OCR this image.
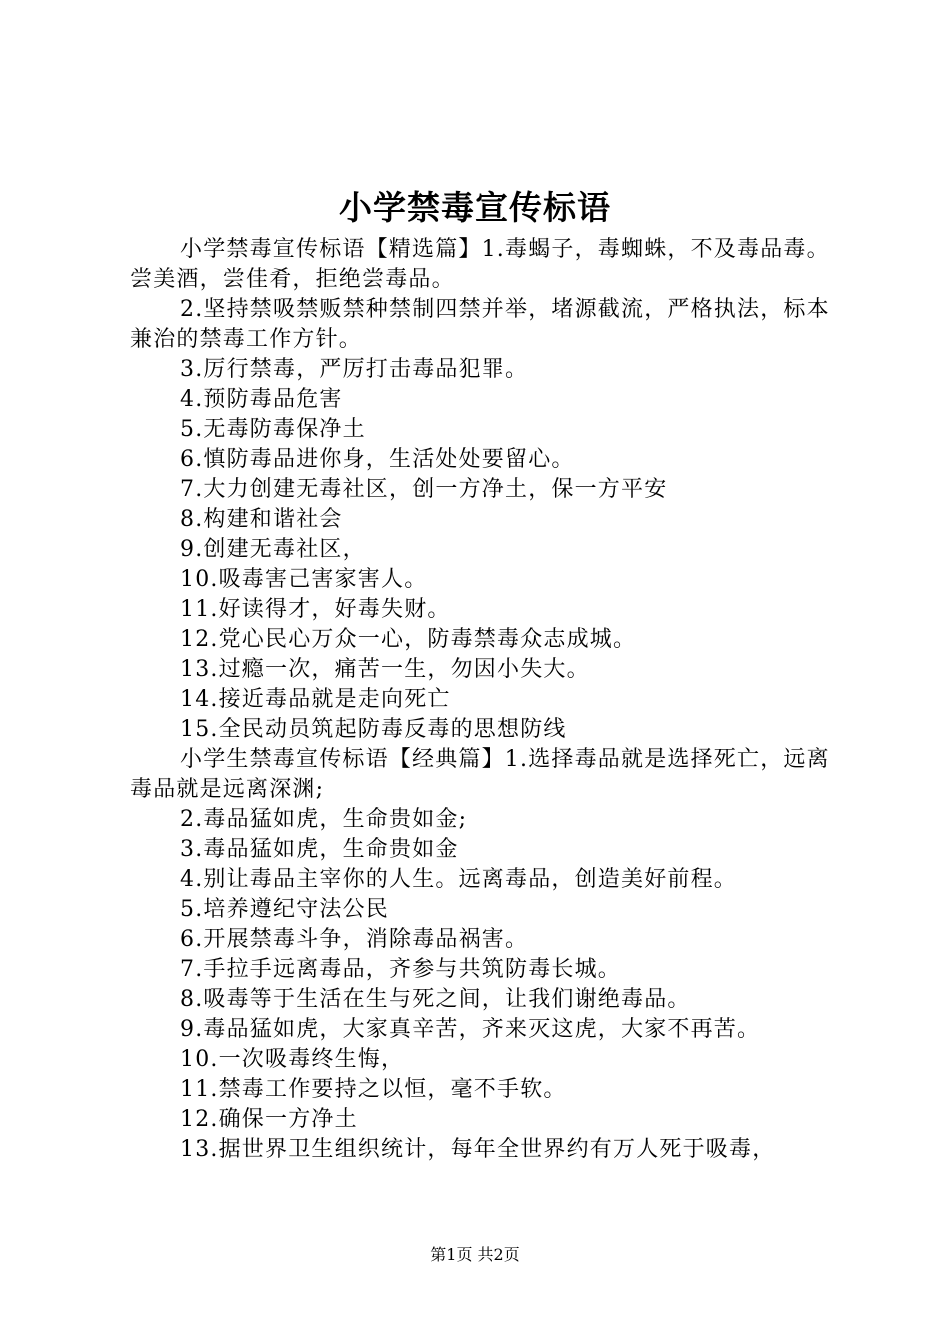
小学禁毒宣传标语

小学禁毒宣传标语【精选篇】1.毒蝎子，毒蜘蛛，不及毒品毒。尝美酒，尝佳肴，拒绝尝毒品。

2.坚持禁吸禁贩禁种禁制四禁并举，堵源截流，严格执法，标本兼治的禁毒工作方针。

3.厉行禁毒，严厉打击毒品犯罪。

4.预防毒品危害

5.无毒防毒保净土

6.慎防毒品进你身，生活处处要留心。

7.大力创建无毒社区，创一方净土，保一方平安

8.构建和谐社会

9.创建无毒社区，

10.吸毒害己害家害人。

11.好读得才，好毒失财。

12.党心民心万众一心，防毒禁毒众志成城。

13.过瘾一次，痛苦一生，勿因小失大。

14.接近毒品就是走向死亡

15.全民动员筑起防毒反毒的思想防线

小学生禁毒宣传标语【经典篇】1.选择毒品就是选择死亡，远离毒品就是远离深渊;

2.毒品猛如虎，生命贵如金;

3.毒品猛如虎，生命贵如金

4.别让毒品主宰你的人生。远离毒品，创造美好前程。

5.培养遵纪守法公民

6.开展禁毒斗争，消除毒品祸害。

7.手拉手远离毒品，齐参与共筑防毒长城。

8.吸毒等于生活在生与死之间，让我们谢绝毒品。

9.毒品猛如虎，大家真辛苦，齐来灭这虎，大家不再苦。

10.一次吸毒终生悔，

11.禁毒工作要持之以恒，毫不手软。

12.确保一方净土

13.据世界卫生组织统计，每年全世界约有万人死于吸毒，

第1页 共2页
